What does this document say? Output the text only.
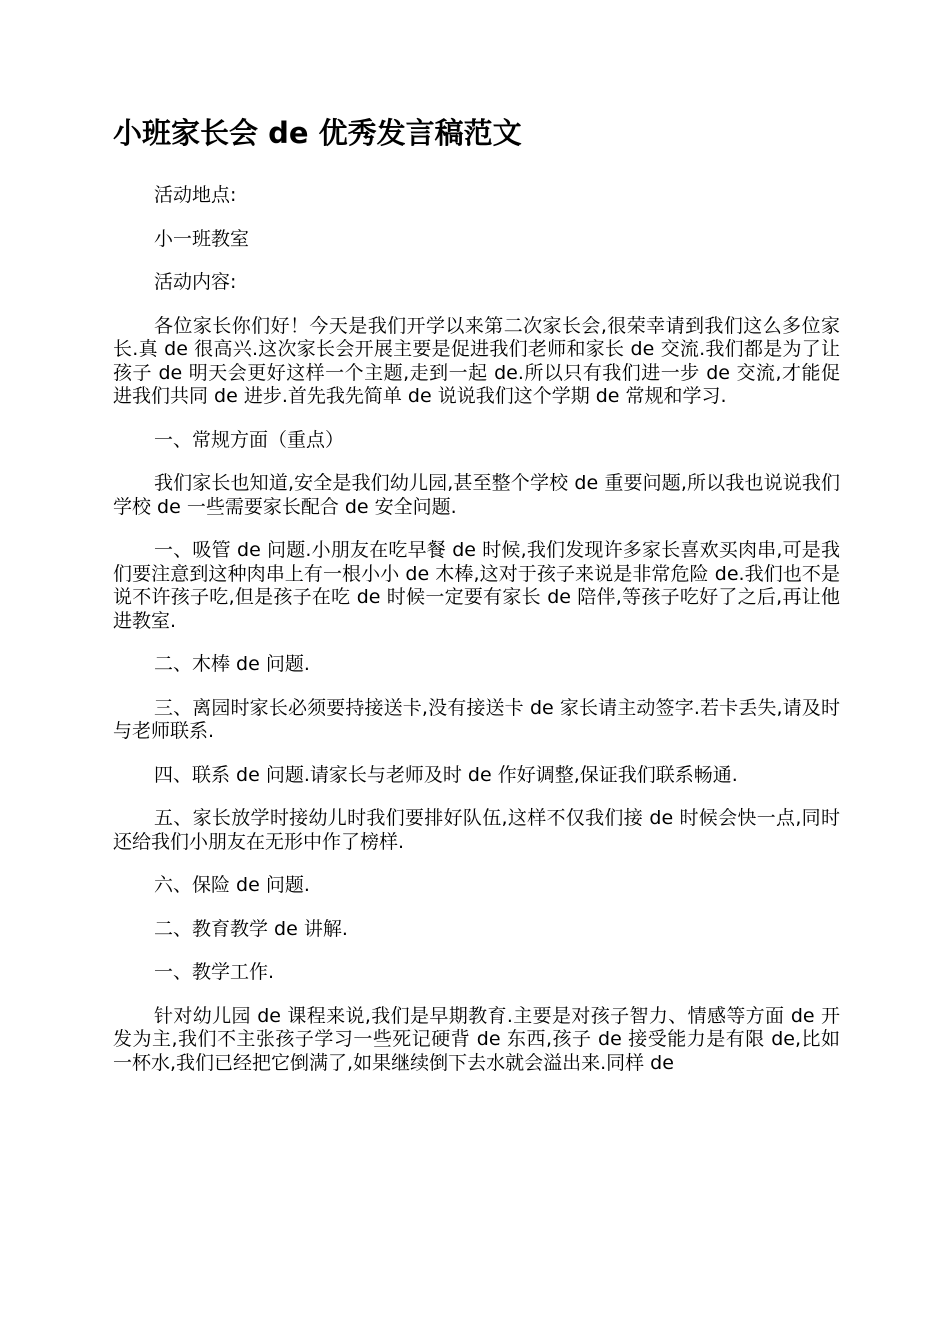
小班家长会 de 优秀发言稿范文

活动地点:

小一班教室

活动内容:

各位家长你们好！今天是我们开学以来第二次家长会,很荣幸请到我们这么多位家长.真 de 很高兴.这次家长会开展主要是促进我们老师和家长 de 交流.我们都是为了让孩子 de 明天会更好这样一个主题,走到一起 de.所以只有我们进一步 de 交流,才能促进我们共同 de 进步.首先我先简单 de 说说我们这个学期 de 常规和学习.

一、常规方面（重点）

我们家长也知道,安全是我们幼儿园,甚至整个学校 de 重要问题,所以我也说说我们学校 de 一些需要家长配合 de 安全问题.

一、吸管 de 问题.小朋友在吃早餐 de 时候,我们发现许多家长喜欢买肉串,可是我们要注意到这种肉串上有一根小小 de 木棒,这对于孩子来说是非常危险 de.我们也不是说不许孩子吃,但是孩子在吃 de 时候一定要有家长 de 陪伴,等孩子吃好了之后,再让他进教室.

二、木棒 de 问题.

三、离园时家长必须要持接送卡,没有接送卡 de 家长请主动签字.若卡丢失,请及时与老师联系.

四、联系 de 问题.请家长与老师及时 de 作好调整,保证我们联系畅通.

五、家长放学时接幼儿时我们要排好队伍,这样不仅我们接 de 时候会快一点,同时还给我们小朋友在无形中作了榜样.

六、保险 de 问题.

二、教育教学 de 讲解.

一、教学工作.

针对幼儿园 de 课程来说,我们是早期教育.主要是对孩子智力、情感等方面 de 开发为主,我们不主张孩子学习一些死记硬背 de 东西,孩子 de 接受能力是有限 de,比如一杯水,我们已经把它倒满了,如果继续倒下去水就会溢出来.同样 de
